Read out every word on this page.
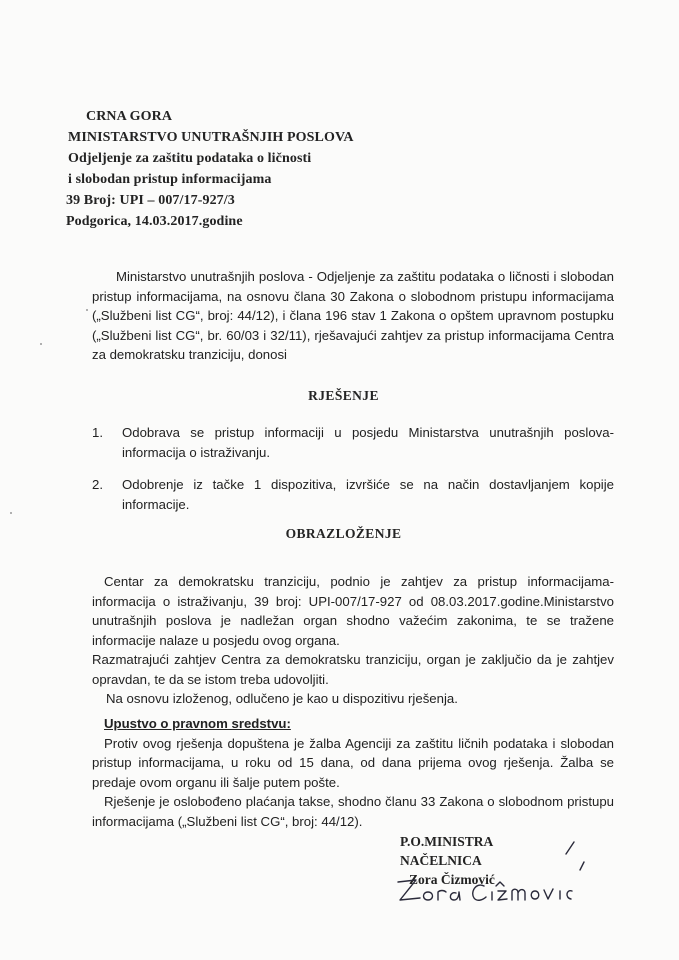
CRNA GORA
MINISTARSTVO UNUTRAŠNJIH POSLOVA
Odjeljenje za zaštitu podataka o ličnosti
i slobodan pristup informacijama
39 Broj: UPI – 007/17-927/3
Podgorica, 14.03.2017.godine
Ministarstvo unutrašnjih poslova - Odjeljenje za zaštitu podataka o ličnosti i slobodan pristup informacijama, na osnovu člana 30 Zakona o slobodnom pristupu informacijama („Službeni list CG“, broj: 44/12), i člana 196 stav 1 Zakona o opštem upravnom postupku („Službeni list CG“, br. 60/03 i 32/11), rješavajući zahtjev za pristup informacijama Centra za demokratsku tranziciju, donosi
RJEŠENJE
1. Odobrava se pristup informaciji u posjedu Ministarstva unutrašnjih poslova-informacija o istraživanju.
2. Odobrenje iz tačke 1 dispozitiva, izvršiće se na način dostavljanjem kopije informacije.
OBRAZLOŽENJE

Centar za demokratsku tranziciju, podnio je zahtjev za pristup informacijama-informacija o istraživanju, 39 broj: UPI-007/17-927 od 08.03.2017.godine.Ministarstvo unutrašnjih poslova je nadležan organ shodno važećim zakonima, te se tražene informacije nalaze u posjedu ovog organa.

Razmatrajući zahtjev Centra za demokratsku tranziciju, organ je zaključio da je zahtjev opravdan, te da se istom treba udovoljiti.

Na osnovu izloženog, odlučeno je kao u dispozitivu rješenja.

Upustvo o pravnom sredstvu:

Protiv ovog rješenja dopuštena je žalba Agenciji za zaštitu ličnih podataka i slobodan pristup informacijama, u roku od 15 dana, od dana prijema ovog rješenja. Žalba se predaje ovom organu ili šalje putem pošte.

Rješenje je oslobođeno plaćanja takse, shodno članu 33 Zakona o slobodnom pristupu informacijama („Službeni list CG“, broj: 44/12).

P.O.MINISTRA
NAČELNICA
Zora Čizmović
